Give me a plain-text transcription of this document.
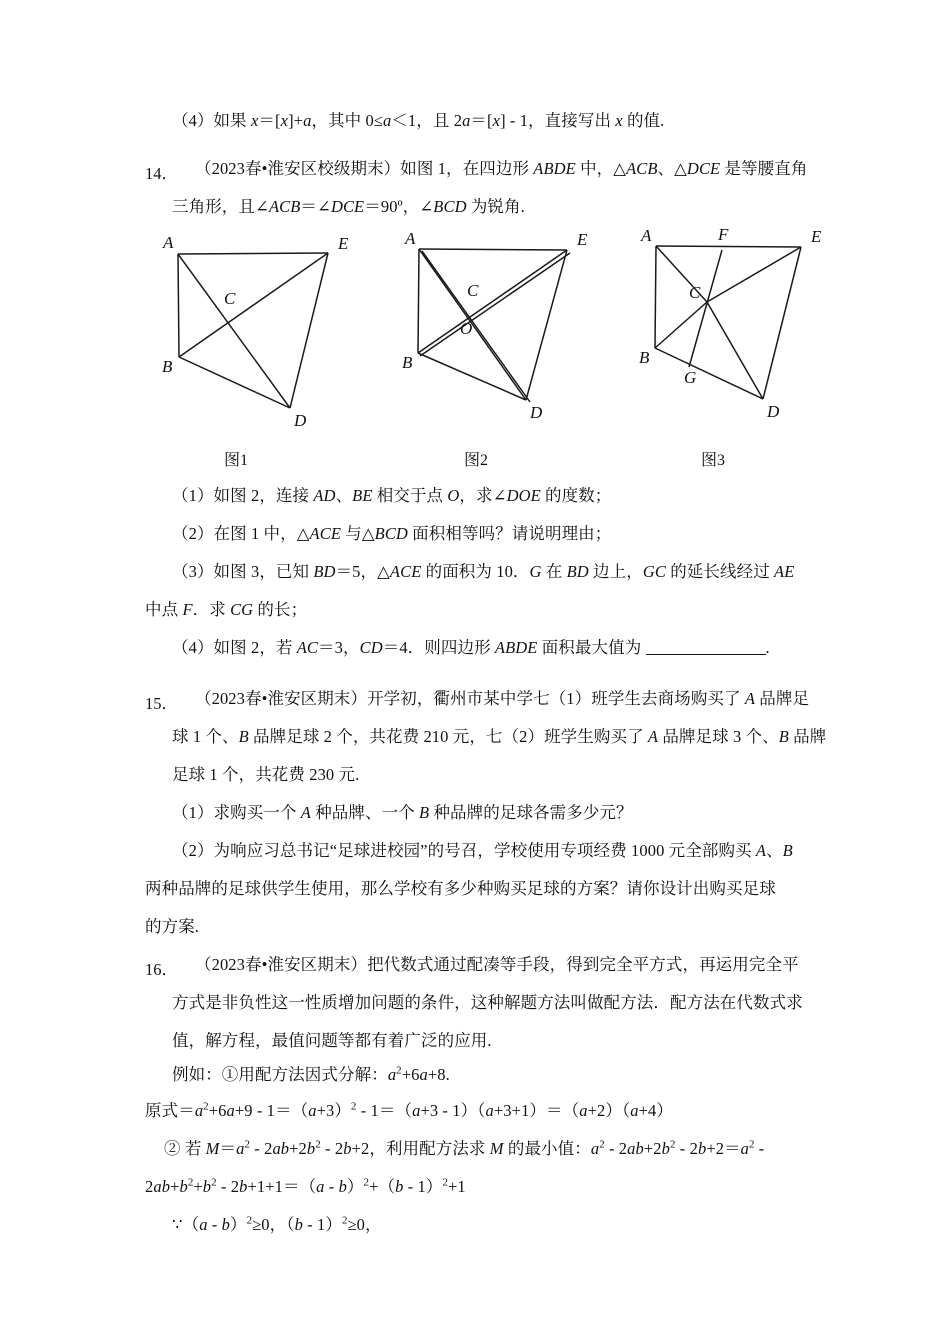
（4）如果 x＝[x]+a，其中 0≤a＜1，且 2a＝[x] - 1，直接写出 x 的值.
14． （2023春•淮安区校级期末）如图 1，在四边形 ABDE 中，△ACB、△DCE 是等腰直角
三角形，且∠ACB＝∠DCE＝90º，∠BCD 为锐角.
A	E
B
D
C
A	E
B
D
C
O
A	E
B
D
C
F
G
图1	图2	图3
（1）如图 2，连接 AD、BE 相交于点 O，求∠DOE 的度数；
（2）在图 1 中，△ACE 与△BCD 面积相等吗？请说明理由；
（3）如图 3，已知 BD＝5，△ACE 的面积为 10．G 在 BD 边上，GC 的延长线经过 AE
中点 F．求 CG 的长；
（4）如图 2，若 AC＝3，CD＝4．则四边形 ABDE 面积最大值为	.
15． （2023春•淮安区期末）开学初，衢州市某中学七（1）班学生去商场购买了 A 品牌足
球 1 个、B 品牌足球 2 个，共花费 210 元，七（2）班学生购买了 A 品牌足球 3 个、B 品牌
足球 1 个，共花费 230 元.
（1）求购买一个 A 种品牌、一个 B 种品牌的足球各需多少元？
（2）为响应习总书记“足球进校园”的号召，学校使用专项经费 1000 元全部购买 A、B
两种品牌的足球供学生使用，那么学校有多少种购买足球的方案？请你设计出购买足球
的方案.
16． （2023春•淮安区期末）把代数式通过配凑等手段，得到完全平方式，再运用完全平
方式是非负性这一性质增加问题的条件，这种解题方法叫做配方法．配方法在代数式求
值，解方程，最值问题等都有着广泛的应用.
例如：①用配方法因式分解：$a^2+6a+8$.
原式$=a^2+6a+9 - 1=(a+3)^2 - 1=(a+3 - 1)(a+3+1)=(a+2)(a+4)$
② 若 $M=a^2 - 2ab+2b^2 - 2b+2$，利用配方法求 M 的最小值：$a^2 - 2ab+2b^2 - 2b+2=a^2$ -
$2ab+b^2+b^2 - 2b+1+1=(a - b)^2+(b - 1)^2+1$
∵（a - b）$^2$≥0，（b - 1）$^2$≥0，
